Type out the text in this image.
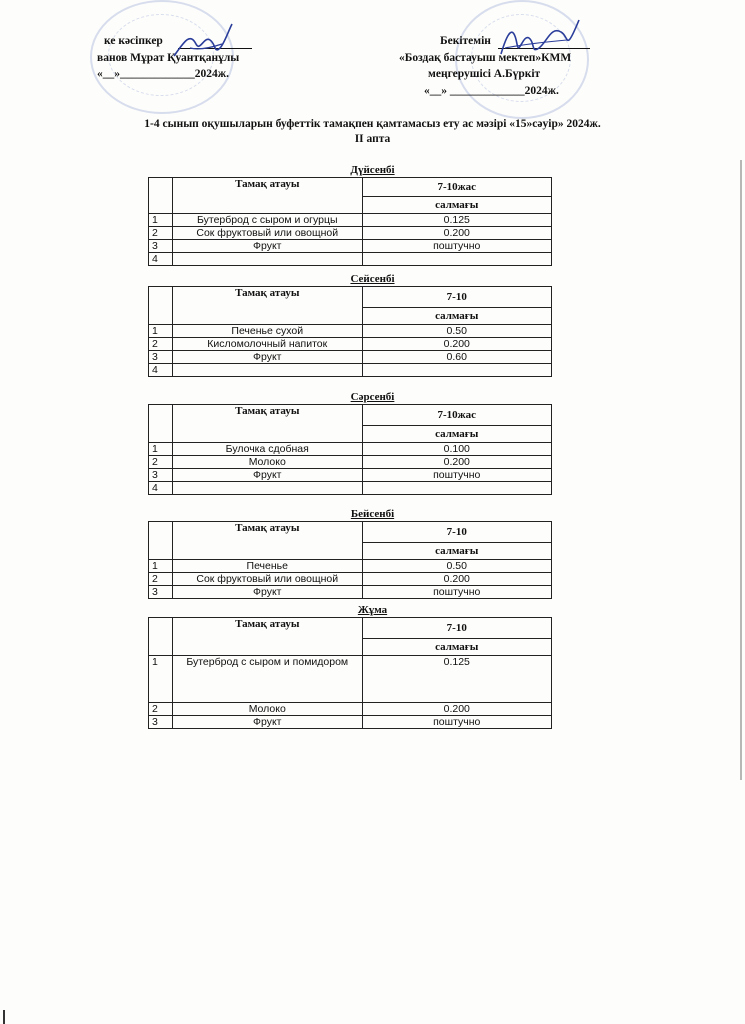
ке кәсіпкер
ванов Мұрат Қуантқанұлы
«__»_____________2024ж.
Бекітемін
«Боздақ бастауыш мектеп»КММ
меңгерушісі А.Бүркіт
«__» _____________2024ж.
1-4 сынып оқушыларын буфеттік тамақпен қамтамасыз ету ас мәзірі «15»сәуір» 2024ж.
II апта
Дүйсенбі
	Тамақ атауы	7-10жас
		салмағы
1	Бутерброд с сыром и огурцы	0.125
2	Сок фруктовый или овощной	0.200
3	Фрукт	поштучно
4		
Сейсенбі
	Тамақ атауы	7-10
		салмағы
1	Печенье сухой	0.50
2	Кисломолочный напиток	0.200
3	Фрукт	0.60
4		
Сәрсенбі
	Тамақ атауы	7-10жас
		салмағы
1	Булочка сдобная	0.100
2	Молоко	0.200
3	Фрукт	поштучно
4		
Бейсенбі
	Тамақ атауы	7-10
		салмағы
1	Печенье	0.50
2	Сок фруктовый или овощной	0.200
3	Фрукт	поштучно
Жұма
	Тамақ атауы	7-10
		салмағы
1	Бутерброд с сыром и помидором	0.125
2	Молоко	0.200
3	Фрукт	поштучно
